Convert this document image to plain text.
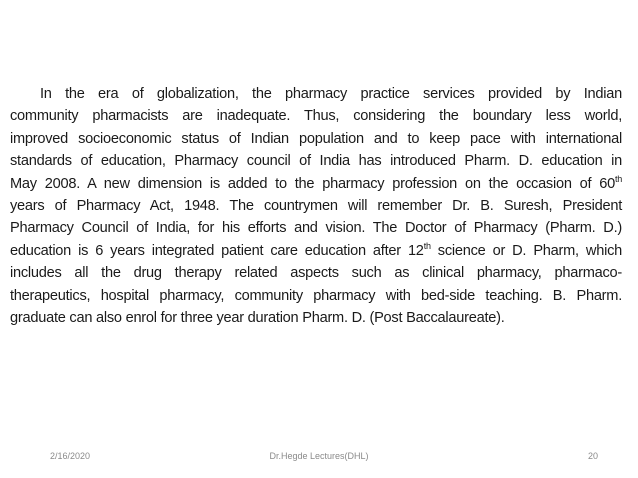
In the era of globalization, the pharmacy practice services provided by Indian
community pharmacists are inadequate. Thus, considering the boundary less world,
improved socioeconomic status of Indian population and to keep pace with international
standards of education, Pharmacy council of India has introduced Pharm. D. education in
May 2008. A new dimension is added to the pharmacy profession on the occasion of 60th
years of Pharmacy Act, 1948. The countrymen will remember Dr. B. Suresh, President
Pharmacy Council of India, for his efforts and vision. The Doctor of Pharmacy (Pharm. D.)
education is 6 years integrated patient care education after 12th science or D. Pharm, which
includes all the drug therapy related aspects such as clinical pharmacy, pharmaco-
therapeutics, hospital pharmacy, community pharmacy with bed-side teaching. B. Pharm.
graduate can also enrol for three year duration Pharm. D. (Post Baccalaureate).
2/16/2020	Dr.Hegde Lectures(DHL)	20
